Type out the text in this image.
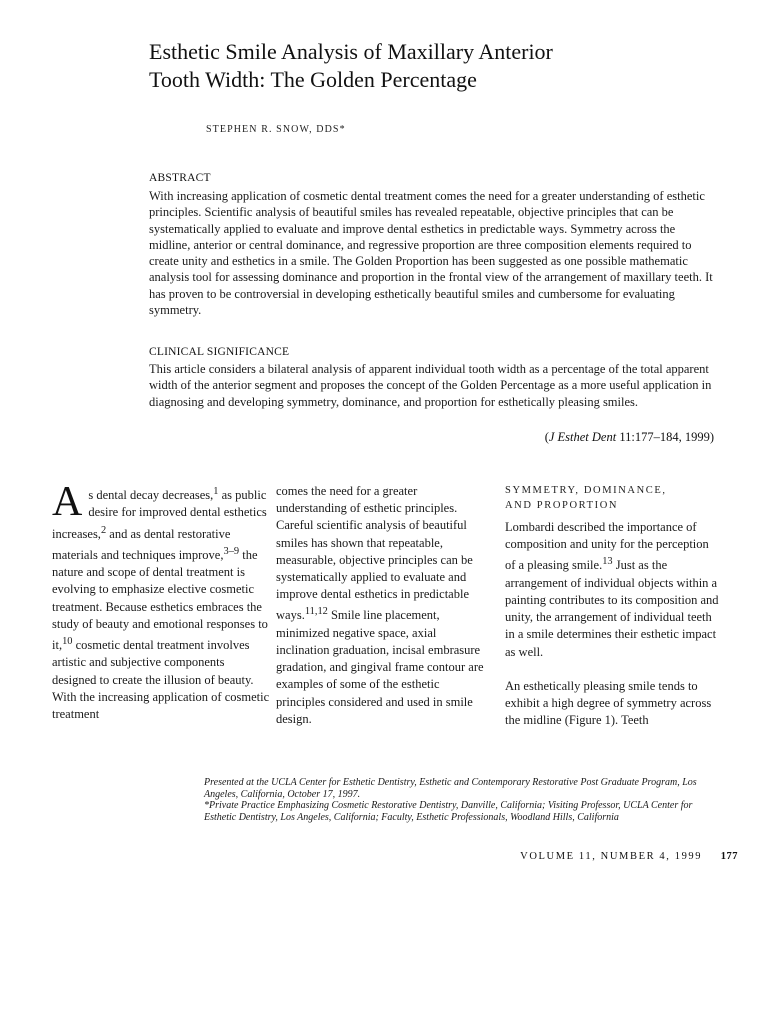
Esthetic Smile Analysis of Maxillary Anterior
Tooth Width: The Golden Percentage
STEPHEN R. SNOW, DDS*
ABSTRACT

With increasing application of cosmetic dental treatment comes the need for a greater understanding of esthetic principles. Scientific analysis of beautiful smiles has revealed repeatable, objective principles that can be systematically applied to evaluate and improve dental esthetics in predictable ways. Symmetry across the midline, anterior or central dominance, and regressive proportion are three composition elements required to create unity and esthetics in a smile. The Golden Proportion has been suggested as one possible mathematic analysis tool for assessing dominance and proportion in the frontal view of the arrangement of maxillary teeth. It has proven to be controversial in developing esthetically beautiful smiles and cumbersome for evaluating symmetry.

CLINICAL SIGNIFICANCE

This article considers a bilateral analysis of apparent individual tooth width as a percentage of the total apparent width of the anterior segment and proposes the concept of the Golden Percentage as a more useful application in diagnosing and developing symmetry, dominance, and proportion for esthetically pleasing smiles.

(J Esthet Dent 11:177–184, 1999)

As dental decay decreases,$^1$ as public desire for improved dental esthetics increases,$^2$ and as dental restorative materials and techniques improve,$^{3-9}$ the nature and scope of dental treatment is evolving to emphasize elective cosmetic treatment. Because esthetics embraces the study of beauty and emotional responses to it,$^{10}$ cosmetic dental treatment involves artistic and subjective components designed to create the illusion of beauty. With the increasing application of cosmetic treatment

comes the need for a greater understanding of esthetic principles. Careful scientific analysis of beautiful smiles has shown that repeatable, measurable, objective principles can be systematically applied to evaluate and improve dental esthetics in predictable ways.$^{11,12}$ Smile line placement, minimized negative space, axial inclination graduation, incisal embrasure gradation, and gingival frame contour are examples of some of the esthetic principles considered and used in smile design.

SYMMETRY, DOMINANCE,
AND PROPORTION

Lombardi described the importance of composition and unity for the perception of a pleasing smile.$^{13}$ Just as the arrangement of individual objects within a painting contributes to its composition and unity, the arrangement of individual teeth in a smile determines their esthetic impact as well.

An esthetically pleasing smile tends to exhibit a high degree of symmetry across the midline (Figure 1). Teeth

Presented at the UCLA Center for Esthetic Dentistry, Esthetic and Contemporary Restorative Post Graduate Program, Los Angeles, California, October 17, 1997.

*Private Practice Emphasizing Cosmetic Restorative Dentistry, Danville, California; Visiting Professor, UCLA Center for Esthetic Dentistry, Los Angeles, California; Faculty, Esthetic Professionals, Woodland Hills, California

VOLUME 11, NUMBER 4, 1999 177
